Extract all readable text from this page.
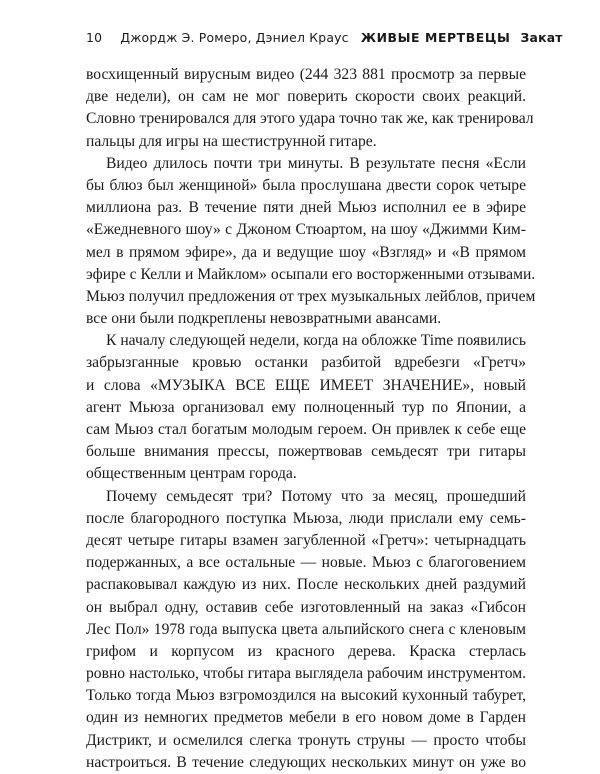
10 Джордж Э. Ромеро, Дэниел Краус ЖИВЫЕ МЕРТВЕЦЫ Закат
восхищенный вирусным видео (244 323 881 просмотр за первые
две недели), он сам не мог поверить скорости своих реакций.
Словно тренировался для этого удара точно так же, как тренировал
пальцы для игры на шестиструнной гитаре.
Видео длилось почти три минуты. В результате песня «Если
бы блюз был женщиной» была прослушана двести сорок четыре
миллиона раз. В течение пяти дней Мьюз исполнил ее в эфире
«Ежедневного шоу» с Джоном Стюартом, на шоу «Джимми Ким-
мел в прямом эфире», да и ведущие шоу «Взгляд» и «В прямом
эфире с Келли и Майклом» осыпали его восторженными отзывами.
Мьюз получил предложения от трех музыкальных лейблов, причем
все они были подкреплены невозвратными авансами.
К началу следующей недели, когда на обложке Time появились
забрызганные кровью останки разбитой вдребезги «Гретч»
и слова «МУЗЫКА ВСЕ ЕЩЕ ИМЕЕТ ЗНАЧЕНИЕ», новый
агент Мьюза организовал ему полноценный тур по Японии, а
сам Мьюз стал богатым молодым героем. Он привлек к себе еще
больше внимания прессы, пожертвовав семьдесят три гитары
общественным центрам города.
Почему семьдесят три? Потому что за месяц, прошедший
после благородного поступка Мьюза, люди прислали ему семь-
десят четыре гитары взамен загубленной «Гретч»: четырнадцать
подержанных, а все остальные — новые. Мьюз с благоговением
распаковывал каждую из них. После нескольких дней раздумий
он выбрал одну, оставив себе изготовленный на заказ «Гибсон
Лес Пол» 1978 года выпуска цвета альпийского снега с кленовым грифом и корпусом из красного дерева. Краска стерлась
ровно настолько, чтобы гитара выглядела рабочим инструментом.
Только тогда Мьюз взгромоздился на высокий кухонный табурет,
один из немногих предметов мебели в его новом доме в Гарден
Дистрикт, и осмелился слегка тронуть струны — просто чтобы
настроиться. В течение следующих нескольких минут он уже во
